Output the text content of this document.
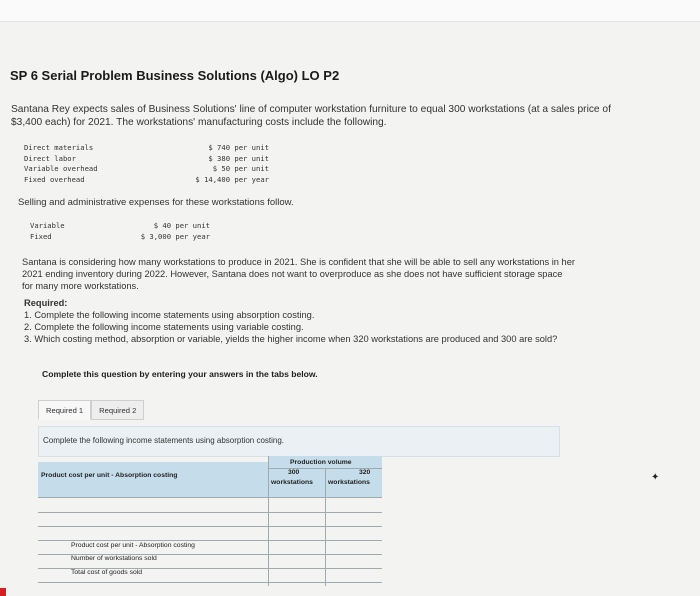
SP 6 Serial Problem Business Solutions (Algo) LO P2
Santana Rey expects sales of Business Solutions' line of computer workstation furniture to equal 300 workstations (at a sales price of
$3,400 each) for 2021. The workstations' manufacturing costs include the following.
Direct materials	$ 740 per unit
Direct labor	$ 380 per unit
Variable overhead	$ 50 per unit
Fixed overhead	$ 14,400 per year
Selling and administrative expenses for these workstations follow.
Variable	$ 40 per unit
Fixed	$ 3,000 per year
Santana is considering how many workstations to produce in 2021. She is confident that she will be able to sell any workstations in her
2021 ending inventory during 2022. However, Santana does not want to overproduce as she does not have sufficient storage space
for many more workstations.
Required:
1. Complete the following income statements using absorption costing.
2. Complete the following income statements using variable costing.
3. Which costing method, absorption or variable, yields the higher income when 320 workstations are produced and 300 are sold?
Complete this question by entering your answers in the tabs below.
Required 1	Required 2
Complete the following income statements using absorption costing.
Product cost per unit - Absorption costing
Production volume
300
workstations
320
workstations
Product cost per unit - Absorption costing
Number of workstations sold
Total cost of goods sold
✦
